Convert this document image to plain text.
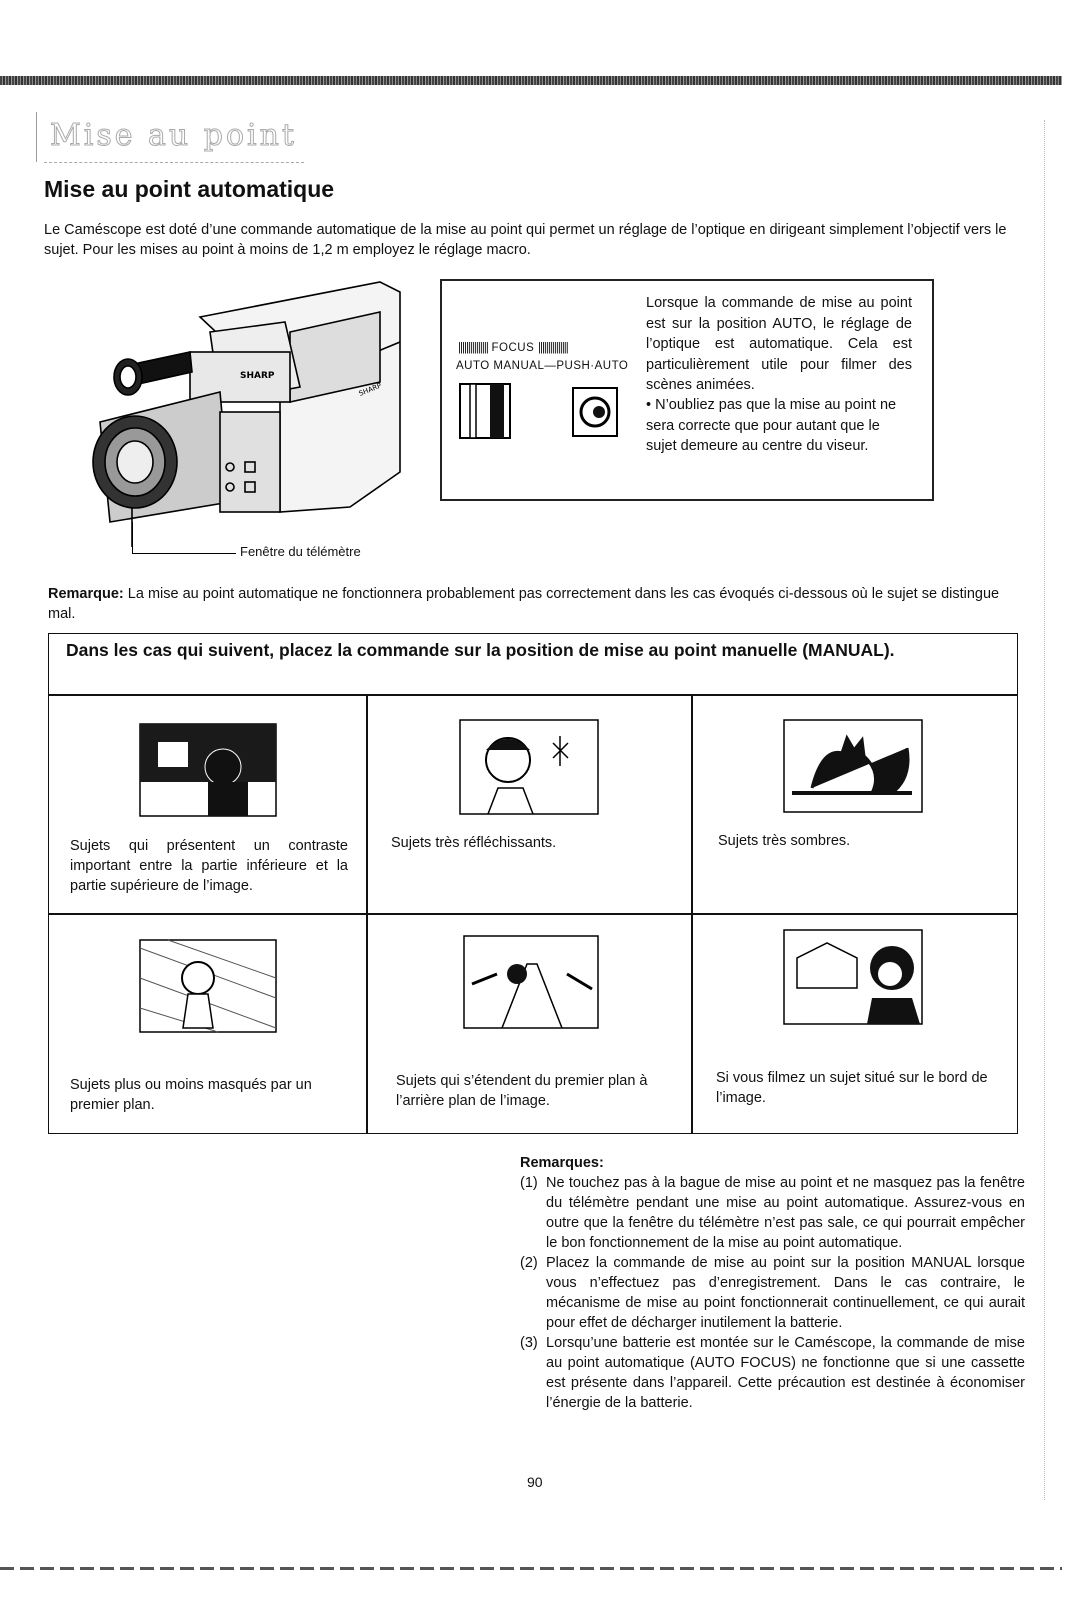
Mise au point
Mise au point automatique
Le Caméscope est doté d’une commande automatique de la mise au point qui permet un réglage de l’optique en dirigeant simplement l’objectif vers le sujet. Pour les mises au point à moins de 1,2 m employez le réglage macro.
SHARP
SHARP
Fenêtre du télémètre
||||||||||||||| FOCUS |||||||||||||||
AUTO MANUAL—PUSH·AUTO
Lorsque la commande de mise au point est sur la position AUTO, le réglage de l’optique est automatique. Cela est particulièrement utile pour filmer des scènes animées.
• N’oubliez pas que la mise au point ne sera correcte que pour autant que le sujet demeure au centre du viseur.
Remarque: La mise au point automatique ne fonctionnera probablement pas correctement dans les cas évoqués ci-dessous où le sujet se distingue mal.
Dans les cas qui suivent, placez la commande sur la position de mise au point manuelle (MANUAL).
Sujets qui présentent un contraste important entre la partie inférieure et la partie supérieure de l’image.
Sujets très réfléchissants.	Sujets très sombres.
Sujets plus ou moins masqués par un premier plan.
Sujets qui s’étendent du premier plan à l’arrière plan de l’image.
Si vous filmez un sujet situé sur le bord de l’image.
Remarques:
(1) Ne touchez pas à la bague de mise au point et ne masquez pas la fenêtre du télémètre pendant une mise au point automatique. Assurez-vous en outre que la fenêtre du télémètre n’est pas sale, ce qui pourrait empêcher le bon fonctionnement de la mise au point automatique.
(2) Placez la commande de mise au point sur la position MANUAL lorsque vous n’effectuez pas d’enregistrement. Dans le cas contraire, le mécanisme de mise au point fonctionnerait continuellement, ce qui aurait pour effet de décharger inutilement la batterie.
(3) Lorsqu’une batterie est montée sur le Caméscope, la commande de mise au point automatique (AUTO FOCUS) ne fonctionne que si une cassette est présente dans l’appareil. Cette précaution est destinée à économiser l’énergie de la batterie.
90
